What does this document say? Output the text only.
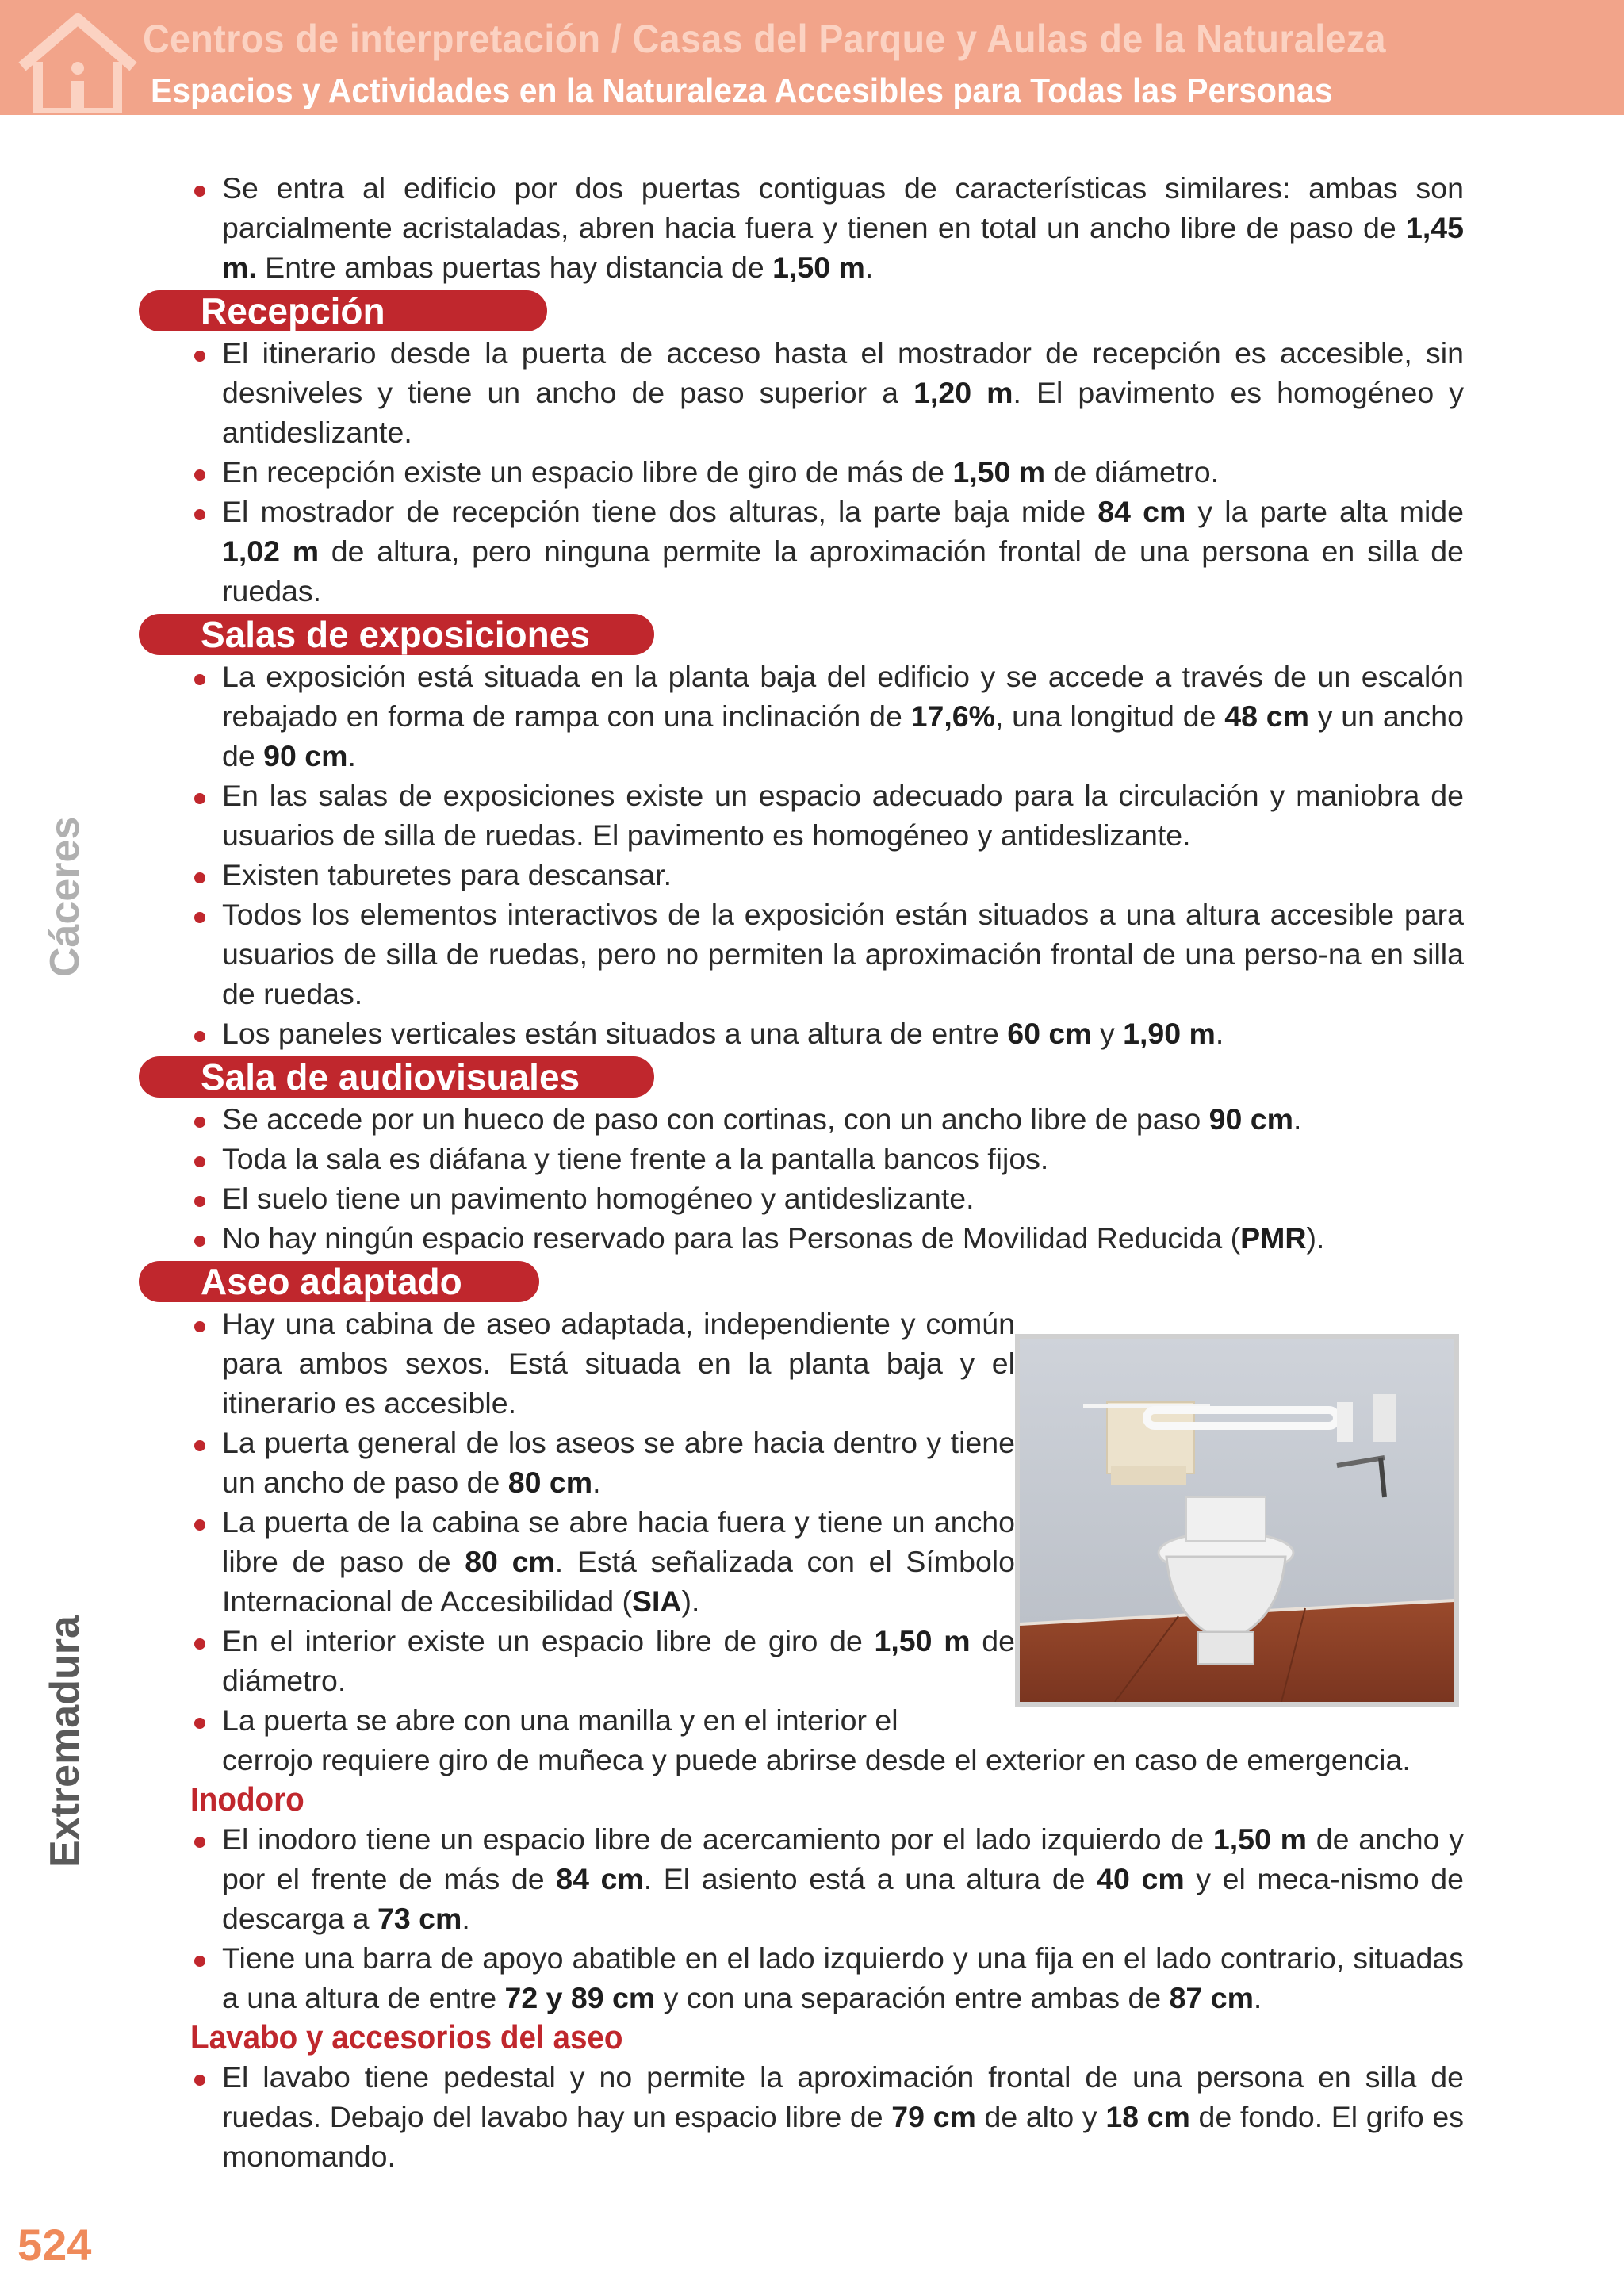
Centros de interpretación / Casas del Parque y Aulas de la Naturaleza
Espacios y Actividades en la Naturaleza Accesibles para Todas las Personas
Cáceres
Extremadura
Se entra al edificio por dos puertas contiguas de características similares: ambas son parcialmente acristaladas, abren hacia fuera y tienen en total un ancho libre de paso de 1,45 m. Entre ambas puertas hay distancia de 1,50 m.
Recepción
El itinerario desde la puerta de acceso hasta el mostrador de recepción es accesible, sin desniveles y tiene un ancho de paso superior a 1,20 m. El pavimento es homogéneo y antideslizante.
En recepción existe un espacio libre de giro de más de 1,50 m de diámetro.
El mostrador de recepción tiene dos alturas, la parte baja mide 84 cm y la parte alta mide 1,02 m de altura, pero ninguna permite la aproximación frontal de una persona en silla de ruedas.
Salas de exposiciones
La exposición está situada en la planta baja del edificio y se accede a través de un escalón rebajado en forma de rampa con una inclinación de 17,6%, una longitud de 48 cm y un ancho de 90 cm.
En las salas de exposiciones existe un espacio adecuado para la circulación y maniobra de usuarios de silla de ruedas. El pavimento es homogéneo y antideslizante.
Existen taburetes para descansar.
Todos los elementos interactivos de la exposición están situados a una altura accesible para usuarios de silla de ruedas, pero no permiten la aproximación frontal de una perso-na en silla de ruedas.
Los paneles verticales están situados a una altura de entre 60 cm y 1,90 m.
Sala de audiovisuales
Se accede por un hueco de paso con cortinas, con un ancho libre de paso 90 cm.
Toda la sala es diáfana y tiene frente a la pantalla bancos fijos.
El suelo tiene un pavimento homogéneo y antideslizante.
No hay ningún espacio reservado para las Personas de Movilidad Reducida (PMR).
Aseo adaptado
Hay una cabina de aseo adaptada, independiente y común para ambos sexos. Está situada en la planta baja y el itinerario es accesible.
La puerta general de los aseos se abre hacia dentro y tiene un ancho de paso de 80 cm.
La puerta de la cabina se abre hacia fuera y tiene un ancho libre de paso de 80 cm. Está señalizada con el Símbolo Internacional de Accesibilidad (SIA).
En el interior existe un espacio libre de giro de 1,50 m de diámetro.
La puerta se abre con una manilla y en el interior el
cerrojo requiere giro de muñeca y puede abrirse desde el exterior en caso de emergencia.
Inodoro
El inodoro tiene un espacio libre de acercamiento por el lado izquierdo de 1,50 m de ancho y por el frente de más de 84 cm. El asiento está a una altura de 40 cm y el meca-nismo de descarga a 73 cm.
Tiene una barra de apoyo abatible en el lado izquierdo y una fija en el lado contrario, situadas a una altura de entre 72 y 89 cm y con una separación entre ambas de 87 cm.
Lavabo y accesorios del aseo
El lavabo tiene pedestal y no permite la aproximación frontal de una persona en silla de ruedas. Debajo del lavabo hay un espacio libre de 79 cm de alto y 18 cm de fondo. El grifo es monomando.
524
